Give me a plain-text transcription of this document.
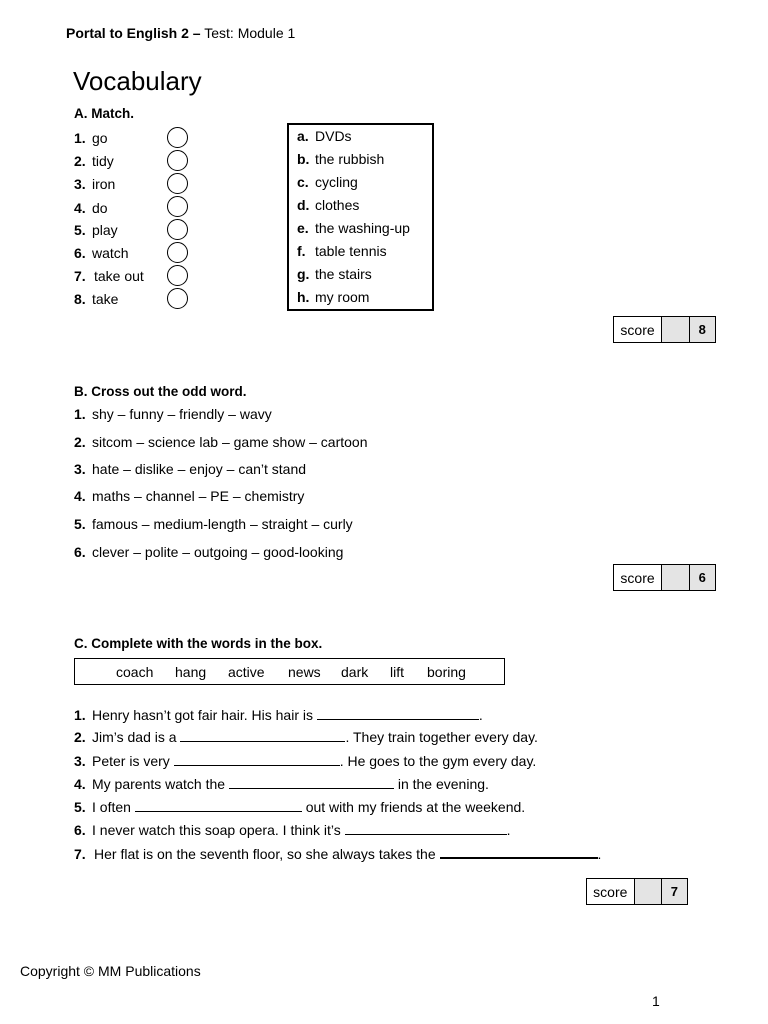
Portal to English 2 – Test: Module 1
Vocabulary
A. Match.
1. go
2. tidy
3. iron
4. do
5. play
6. watch
7. take out
8. take
a. DVDs
b. the rubbish
c. cycling
d. clothes
e. the washing-up
f. table tennis
g. the stairs
h. my room
score	8
B. Cross out the odd word.
1. shy – funny – friendly – wavy
2. sitcom – science lab – game show – cartoon
3. hate – dislike – enjoy – can’t stand
4. maths – channel – PE – chemistry
5. famous – medium-length – straight – curly
6. clever – polite – outgoing – good-looking
score	6
C. Complete with the words in the box.
coach hang active news dark lift boring
1. Henry hasn’t got fair hair. His hair is	.
2. Jim’s dad is a	. They train together every day.
3. Peter is very	. He goes to the gym every day.
4. My parents watch the	in the evening.
5. I often	out with my friends at the weekend.
6. I never watch this soap opera. I think it’s	.
7. Her flat is on the seventh floor, so she always takes the	.
score	7
Copyright © MM Publications
1
